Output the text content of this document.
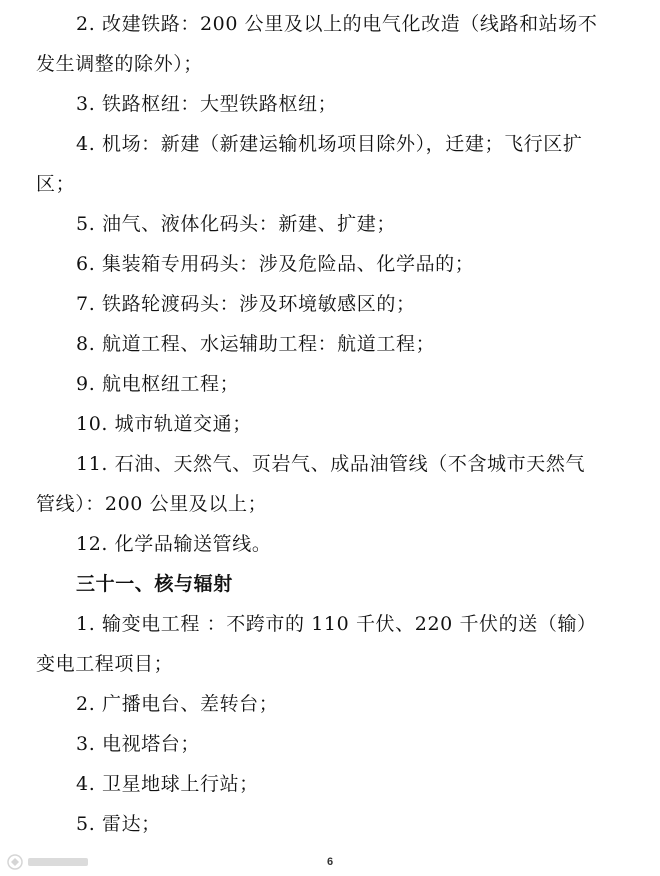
2. 改建铁路：200 公里及以上的电气化改造（线路和站场不
发生调整的除外）；
3. 铁路枢纽：大型铁路枢纽；
4. 机场：新建（新建运输机场项目除外），迁建；飞行区扩
区；
5. 油气、液体化码头：新建、扩建；
6. 集装箱专用码头：涉及危险品、化学品的；
7. 铁路轮渡码头：涉及环境敏感区的；
8. 航道工程、水运辅助工程：航道工程；
9. 航电枢纽工程；
10. 城市轨道交通；
11. 石油、天然气、页岩气、成品油管线（不含城市天然气
管线）：200 公里及以上；
12. 化学品输送管线。
三十一、核与辐射
1. 输变电工程 ：不跨市的 110 千伏、220 千伏的送（输）
变电工程项目；
2. 广播电台、差转台；
3. 电视塔台；
4. 卫星地球上行站；
5. 雷达；
6
